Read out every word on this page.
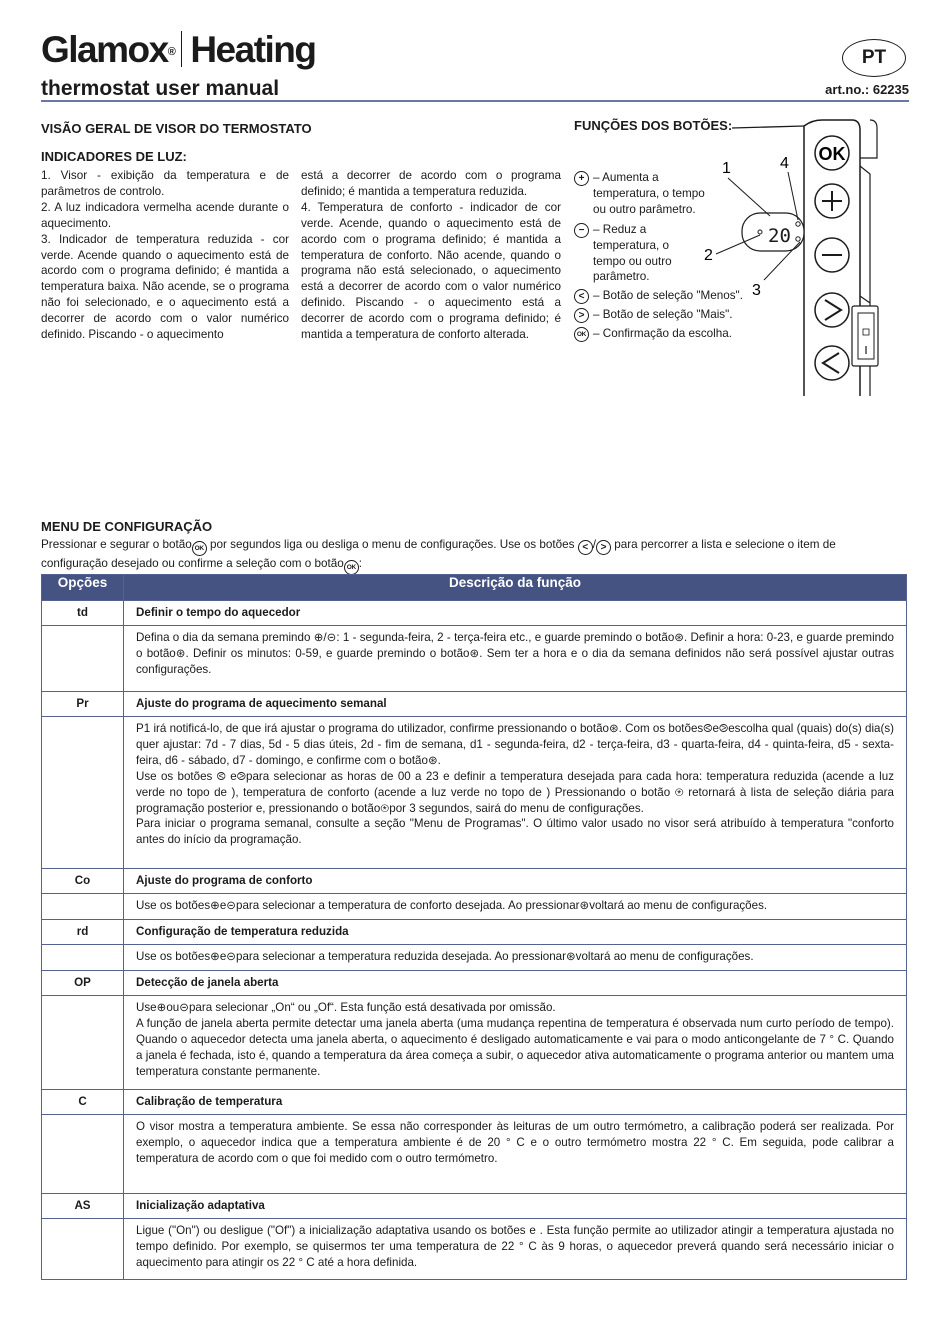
Glamox® Heating
thermostat user manual
PT
art.no.: 62235
VISÃO GERAL DE VISOR DO TERMOSTATO
INDICADORES DE LUZ:

1. Visor - exibição da temperatura e de parâmetros de controlo.

2. A luz indicadora vermelha acende durante o aquecimento.

3. Indicador de temperatura reduzida - cor verde. Acende quando o aquecimento está de acordo com o programa definido; é mantida a temperatura baixa. Não acende, se o programa não foi selecionado, e o aquecimento está a decorrer de acordo com o valor numérico definido. Piscando - o aquecimento

está a decorrer de acordo com o programa definido; é mantida a temperatura reduzida.

4. Temperatura de conforto - indicador de cor verde. Acende, quando o aquecimento está de acordo com o programa definido; é mantida a temperatura de conforto. Não acende, quando o programa não está selecionado, o aquecimento está a decorrer de acordo com o valor numérico definido. Piscando - o aquecimento está a decorrer de acordo com o programa definido; é mantida a temperatura de conforto alterada.

FUNÇÕES DOS BOTÕES:
+ – Aumenta a temperatura, o tempo ou outro parâmetro.
− – Reduz a temperatura, o tempo ou outro parâmetro.
< – Botão de seleção "Menos".
> – Botão de seleção "Mais".
OK – Confirmação da escolha.
20
1
2
3
4 OK
MENU DE CONFIGURAÇÃO
Pressionar e segurar o botão OK por segundos liga ou desliga o menu de configurações. Use os botões < / > para percorrer a lista e selecione o item de configuração desejado ou confirme a seleção com o botão OK :
Opções	Descrição da função
td	Definir o tempo do aquecedor

	Defina o dia da semana premindo ⊕/⊝: 1 - segunda-feira, 2 - terça-feira etc., e guarde premindo o botão⊛. Definir a hora: 0-23, e guarde premindo o botão⊛. Definir os minutos: 0-59, e guarde premindo o botão⊛. Sem ter a hora e o dia da semana definidos não será possível ajustar outras configurações.

Pr	Ajuste do programa de aquecimento semanal

	P1 irá notificá-lo, de que irá ajustar o programa do utilizador, confirme pressionando o botão⊛. Com os botões⧀e⧁escolha qual (quais) do(s) dia(s) quer ajustar: 7d - 7 dias, 5d - 5 dias úteis, 2d - fim de semana, d1 - segunda-feira, d2 - terça-feira, d3 - quarta-feira, d4 - quinta-feira, d5 - sexta-feira, d6 - sábado, d7 - domingo, e confirme com o botão⊛.
Use os botões ⧀ e⧁para selecionar as horas de 00 a 23 e definir a temperatura desejada para cada hora: temperatura reduzida (acende a luz verde no topo de ), temperatura de conforto (acende a luz verde no topo de ) Pressionando o botão ⊛ retornará à lista de seleção diária para programação posterior e, pressionando o botão⊛por 3 segundos, sairá do menu de configurações.
Para iniciar o programa semanal, consulte a seção "Menu de Programas". O último valor usado no visor será atribuído à temperatura "conforto antes do início da programação.

Co	Ajuste do programa de conforto

	Use os botões⊕e⊝para selecionar a temperatura de conforto desejada. Ao pressionar⊛voltará ao menu de configurações.

rd	Configuração de temperatura reduzida

	Use os botões⊕e⊝para selecionar a temperatura reduzida desejada. Ao pressionar⊛voltará ao menu de configurações.

OP	Detecção de janela aberta

	Use⊕ou⊝para selecionar „On“ ou „Of“. Esta função está desativada por omissão.
A função de janela aberta permite detectar uma janela aberta (uma mudança repentina de temperatura é observada num curto período de tempo). Quando o aquecedor detecta uma janela aberta, o aquecimento é desligado automaticamente e vai para o modo anticongelante de 7 ° C. Quando a janela é fechada, isto é, quando a temperatura da área começa a subir, o aquecedor ativa automaticamente o programa anterior ou mantem uma temperatura constante permanente.

C	Calibração de temperatura

	O visor mostra a temperatura ambiente. Se essa não corresponder às leituras de um outro termómetro, a calibração poderá ser realizada. Por exemplo, o aquecedor indica que a temperatura ambiente é de 20 ° C e o outro termómetro mostra 22 ° C. Em seguida, pode calibrar a temperatura de acordo com o que foi medido com o outro termómetro.

AS	Inicialização adaptativa

	Ligue ("On") ou desligue ("Of") a inicialização adaptativa usando os botões e . Esta função permite ao utilizador atingir a temperatura ajustada no tempo definido. Por exemplo, se quisermos ter uma temperatura de 22 ° C às 9 horas, o aquecedor preverá quando será necessário iniciar o aquecimento para atingir os 22 ° C até a hora definida.
